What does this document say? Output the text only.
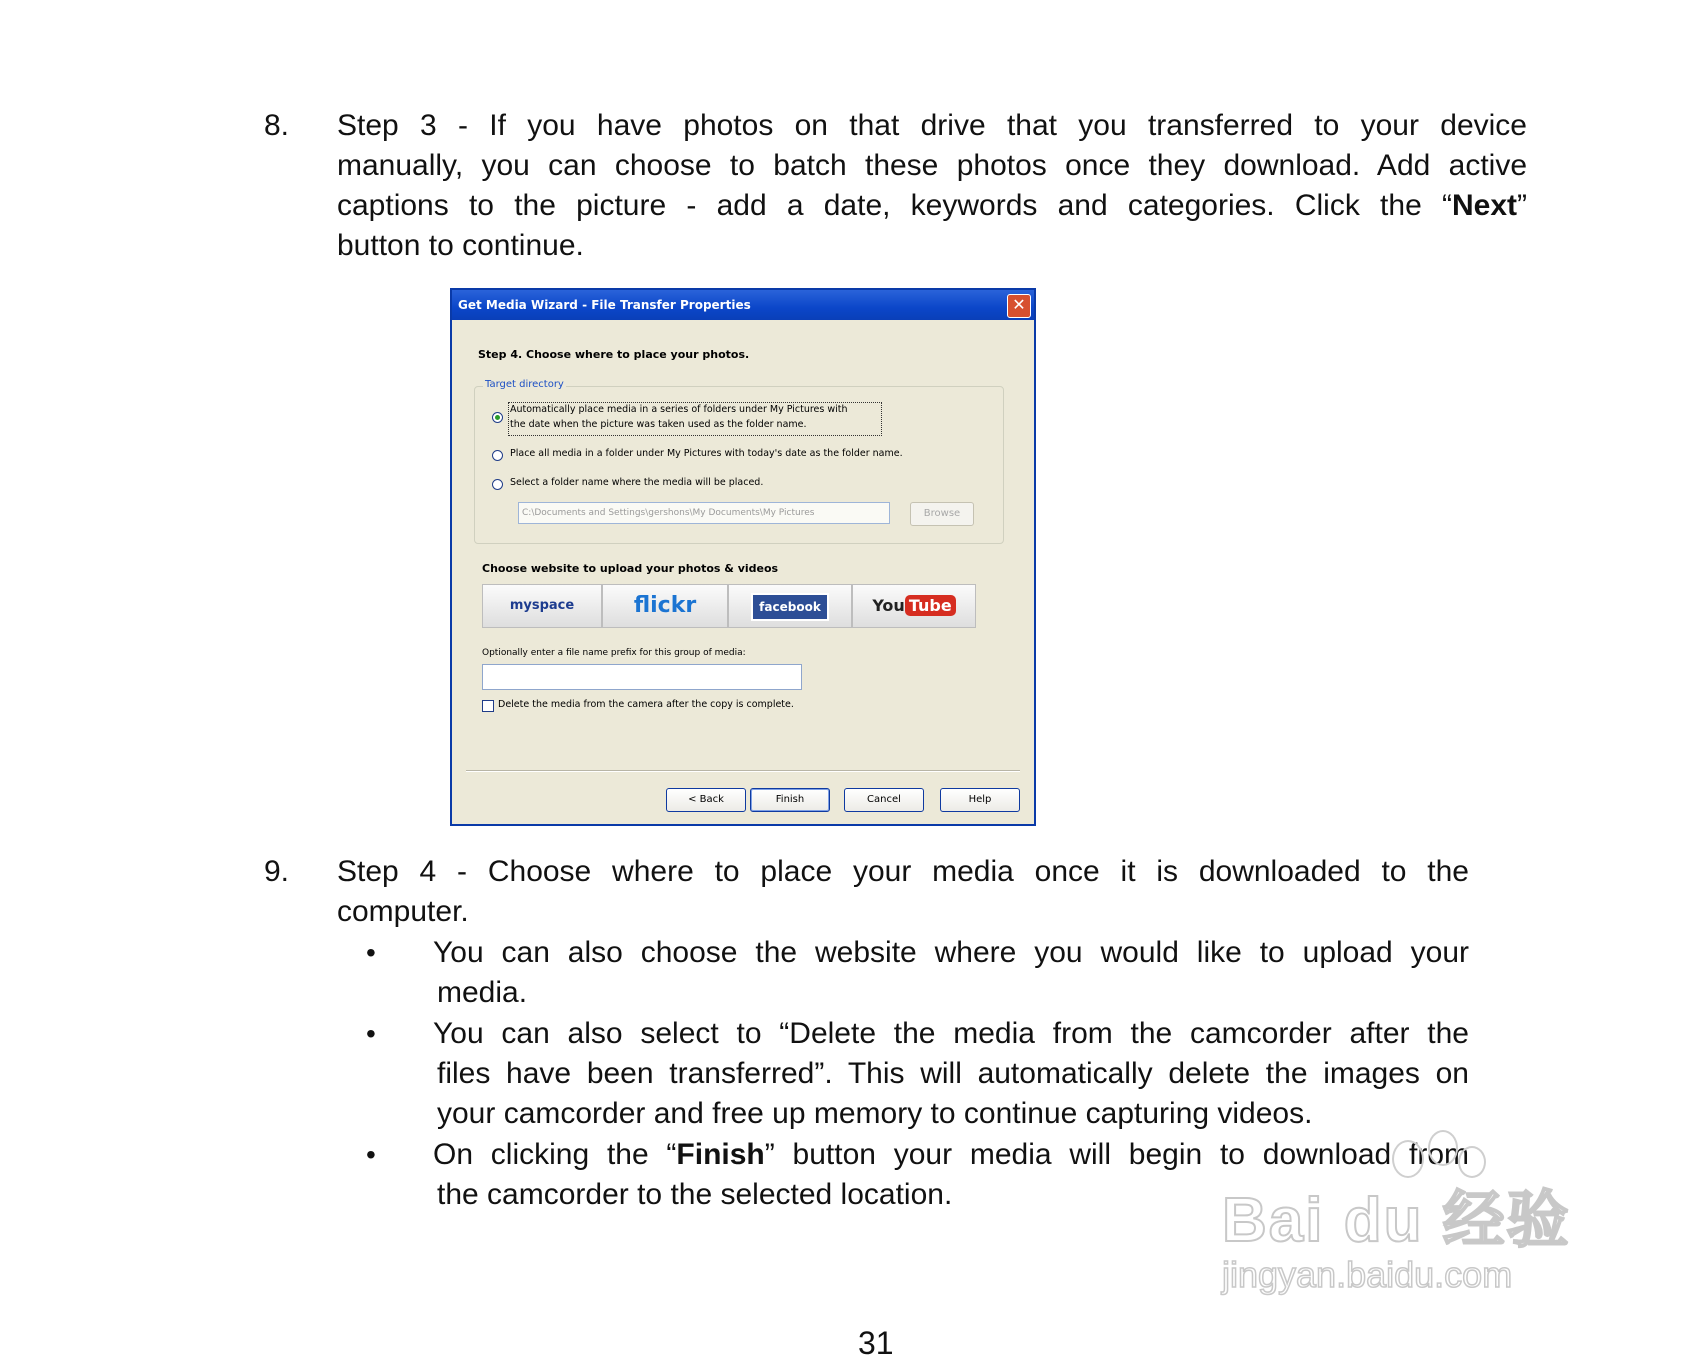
8. Step 3 - If you have photos on that drive that you transferred to your device
manually, you can choose to batch these photos once they download. Add active
captions to the picture - add a date, keywords and categories. Click the “Next”
button to continue.
Get Media Wizard - File Transfer Properties	✕
Step 4. Choose where to place your photos.
Target directory
Automatically place media in a series of folders under My Pictures with
the date when the picture was taken used as the folder name.
Place all media in a folder under My Pictures with today's date as the folder name.
Select a folder name where the media will be placed.
C:\Documents and Settings\gershons\My Documents\My Pictures	Browse
Choose website to upload your photos & videos
myspace	flickr	facebook	You Tube
Optionally enter a file name prefix for this group of media:
Delete the media from the camera after the copy is complete.
< Back	Finish	Cancel	Help
9. Step 4 - Choose where to place your media once it is downloaded to the
computer.
• You can also choose the website where you would like to upload your
media.
• You can also select to “Delete the media from the camcorder after the
files have been transferred”. This will automatically delete the images on
your camcorder and free up memory to continue capturing videos.
• On clicking the “Finish” button your media will begin to download from
the camcorder to the selected location.
31
Bai du 经验
jingyan.baidu.com
